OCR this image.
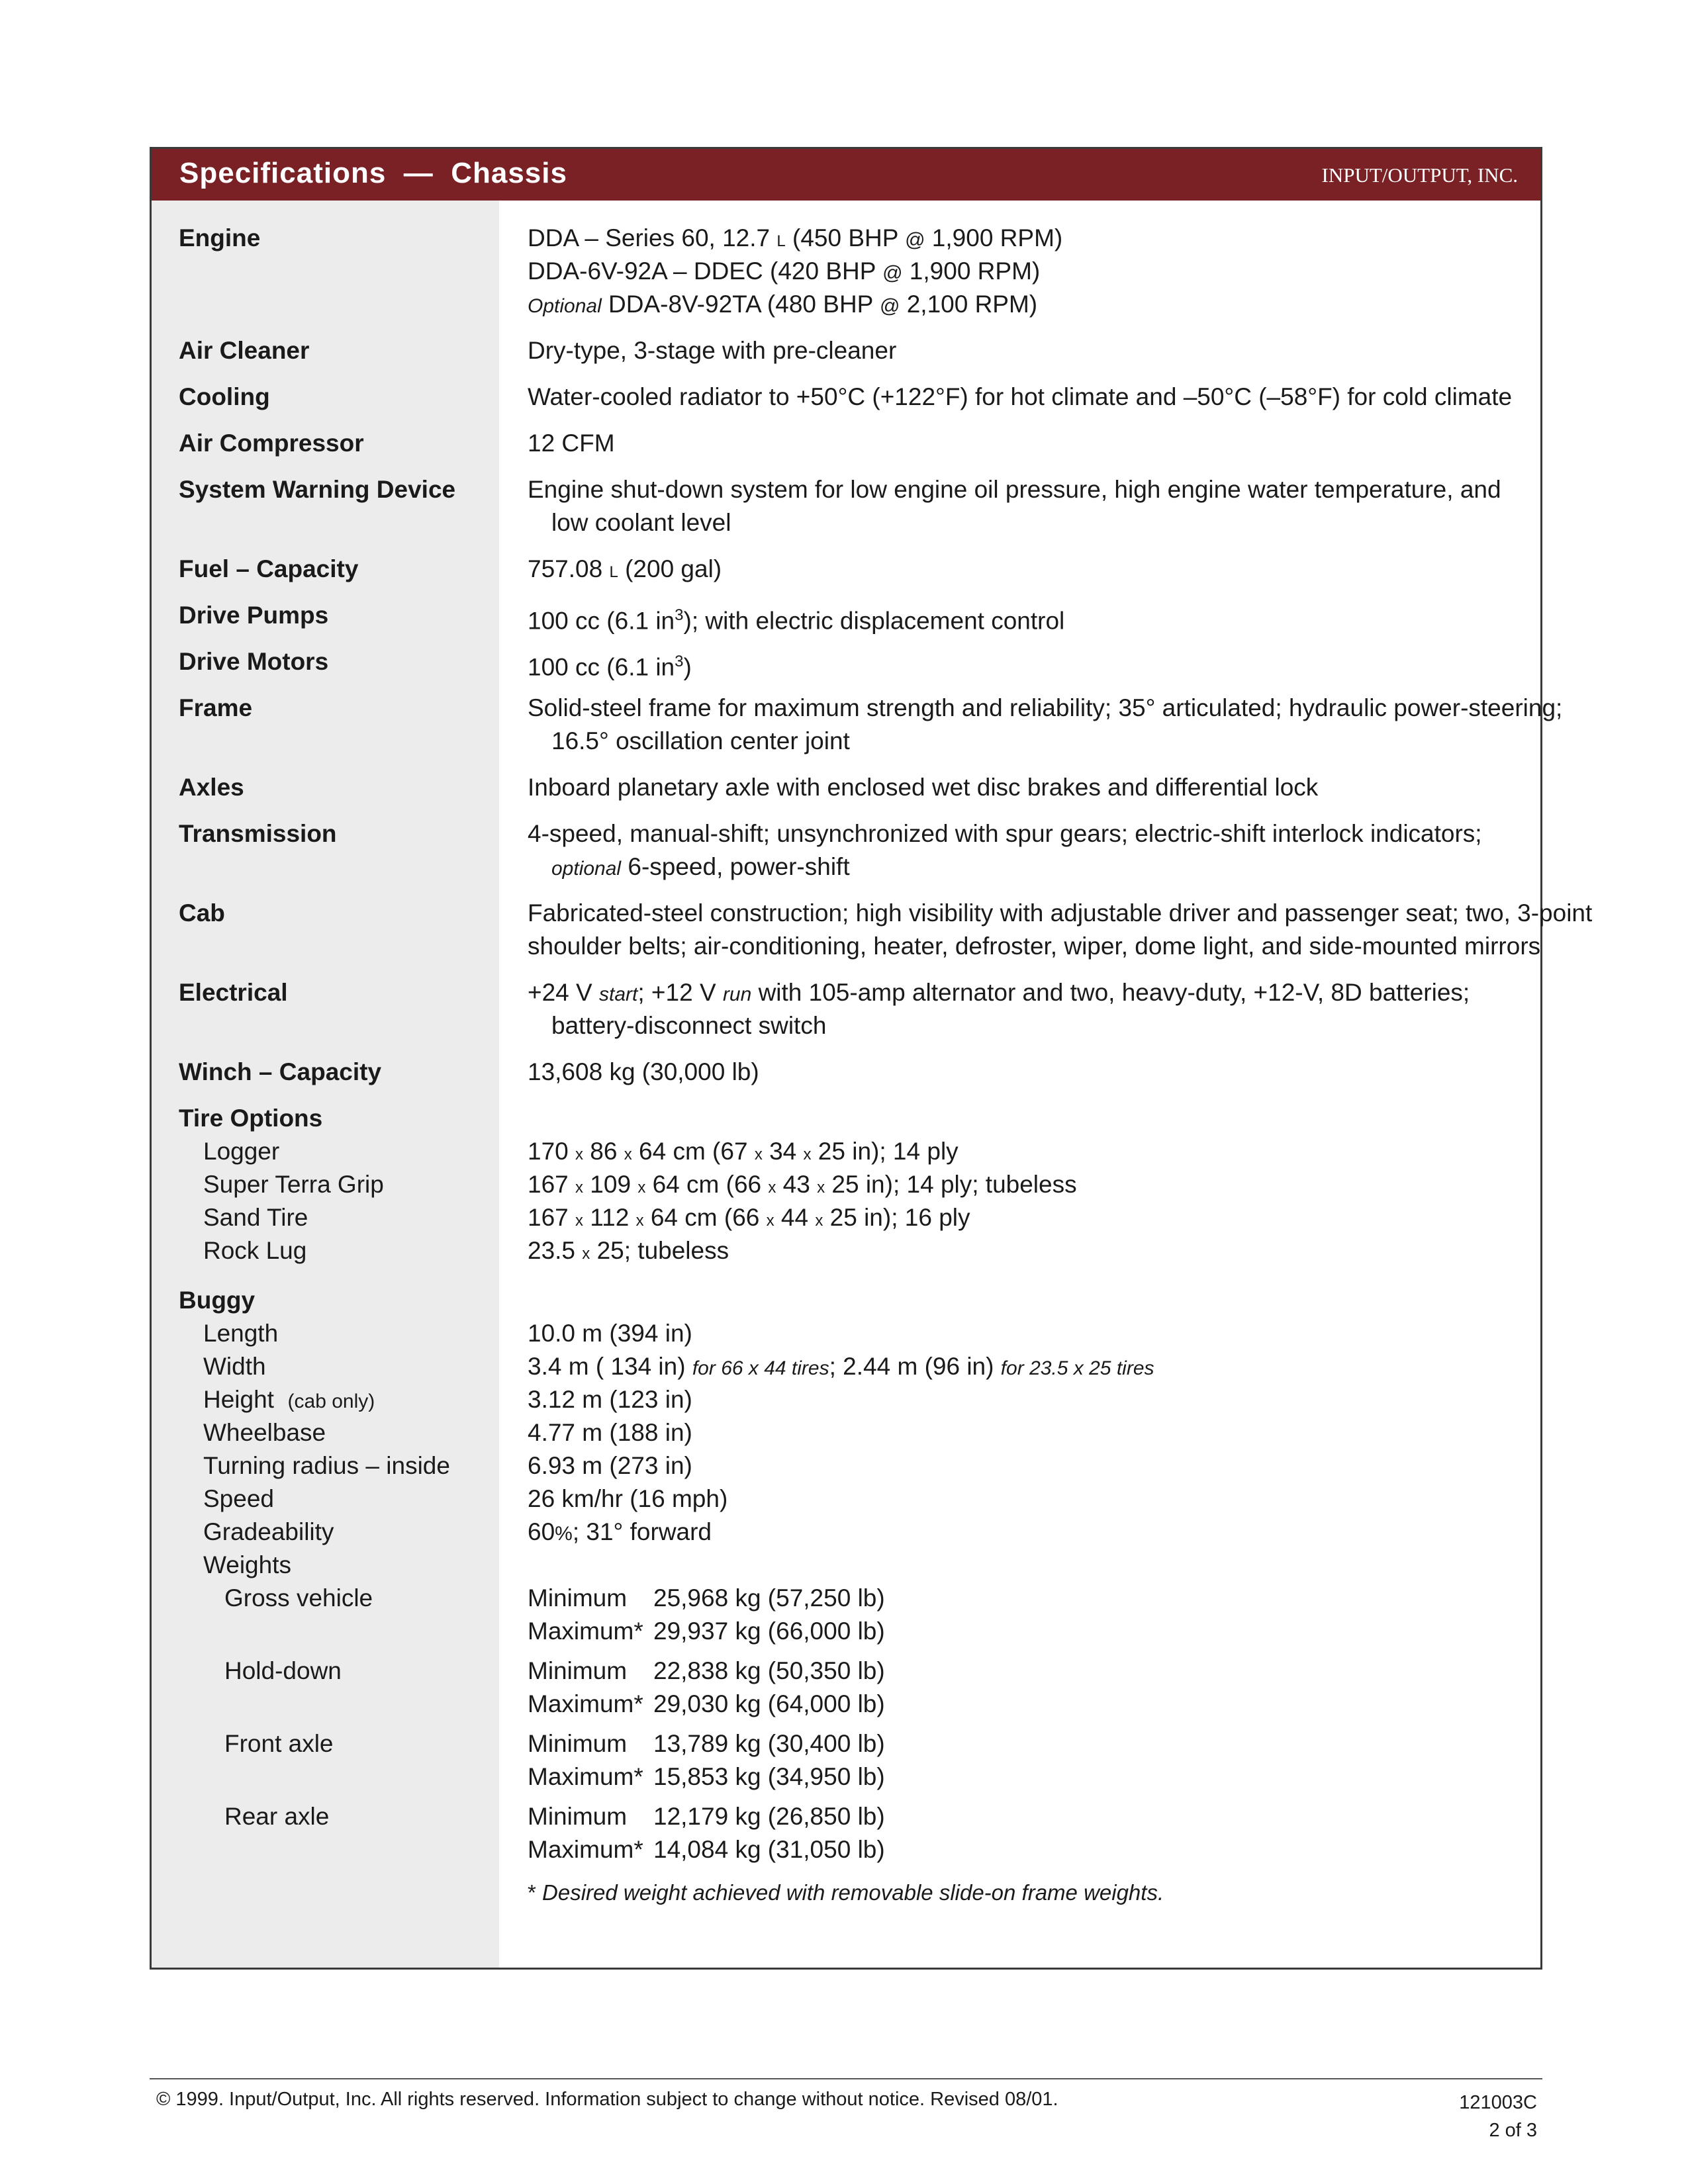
Specifications  —  Chassis	INPUT/OUTPUT, INC.
Engine	DDA – Series 60, 12.7 L (450 BHP @ 1,900 RPM)
DDA-6V-92A – DDEC (420 BHP @ 1,900 RPM)
Optional DDA-8V-92TA (480 BHP @ 2,100 RPM)
Air Cleaner	Dry-type, 3-stage with pre-cleaner
Cooling	Water-cooled radiator to +50°C (+122°F) for hot climate and –50°C (–58°F) for cold climate
Air Compressor	12 CFM
System Warning Device	Engine shut-down system for low engine oil pressure, high engine water temperature, and
low coolant level
Fuel – Capacity	757.08 L (200 gal)
Drive Pumps	100 cc (6.1 $in^3$); with electric displacement control
Drive Motors	100 cc (6.1 $in^3$)
Frame	Solid-steel frame for maximum strength and reliability; 35° articulated; hydraulic power-steering;
16.5° oscillation center joint
Axles	Inboard planetary axle with enclosed wet disc brakes and differential lock
Transmission	4-speed, manual-shift; unsynchronized with spur gears; electric-shift interlock indicators;
optional 6-speed, power-shift
Cab	Fabricated-steel construction; high visibility with adjustable driver and passenger seat; two, 3-point
shoulder belts; air-conditioning, heater, defroster, wiper, dome light, and side-mounted mirrors
Electrical	+24 V start; +12 V run with 105-amp alternator and two, heavy-duty, +12-V, 8D batteries;
battery-disconnect switch
Winch – Capacity	13,608 kg (30,000 lb)
Tire Options
Logger	170 x 86 x 64 cm (67 x 34 x 25 in); 14 ply
Super Terra Grip	167 x 109 x 64 cm (66 x 43 x 25 in); 14 ply; tubeless
Sand Tire	167 x 112 x 64 cm (66 x 44 x 25 in); 16 ply
Rock Lug	23.5 x 25; tubeless
Buggy
Length	10.0 m (394 in)
Width	3.4 m ( 134 in) for 66 x 44 tires; 2.44 m (96 in) for 23.5 x 25 tires
Height (cab only)	3.12 m (123 in)
Wheelbase	4.77 m (188 in)
Turning radius – inside	6.93 m (273 in)
Speed	26 km/hr (16 mph)
Gradeability	60%; 31° forward
Weights
Gross vehicle	Minimum 25,968 kg (57,250 lb)
Maximum* 29,937 kg (66,000 lb)
Hold-down	Minimum 22,838 kg (50,350 lb)
Maximum* 29,030 kg (64,000 lb)
Front axle	Minimum 13,789 kg (30,400 lb)
Maximum* 15,853 kg (34,950 lb)
Rear axle	Minimum 12,179 kg (26,850 lb)
Maximum* 14,084 kg (31,050 lb)
* Desired weight achieved with removable slide-on frame weights.
© 1999. Input/Output, Inc. All rights reserved. Information subject to change without notice. Revised 08/01.	121003C
2 of 3
